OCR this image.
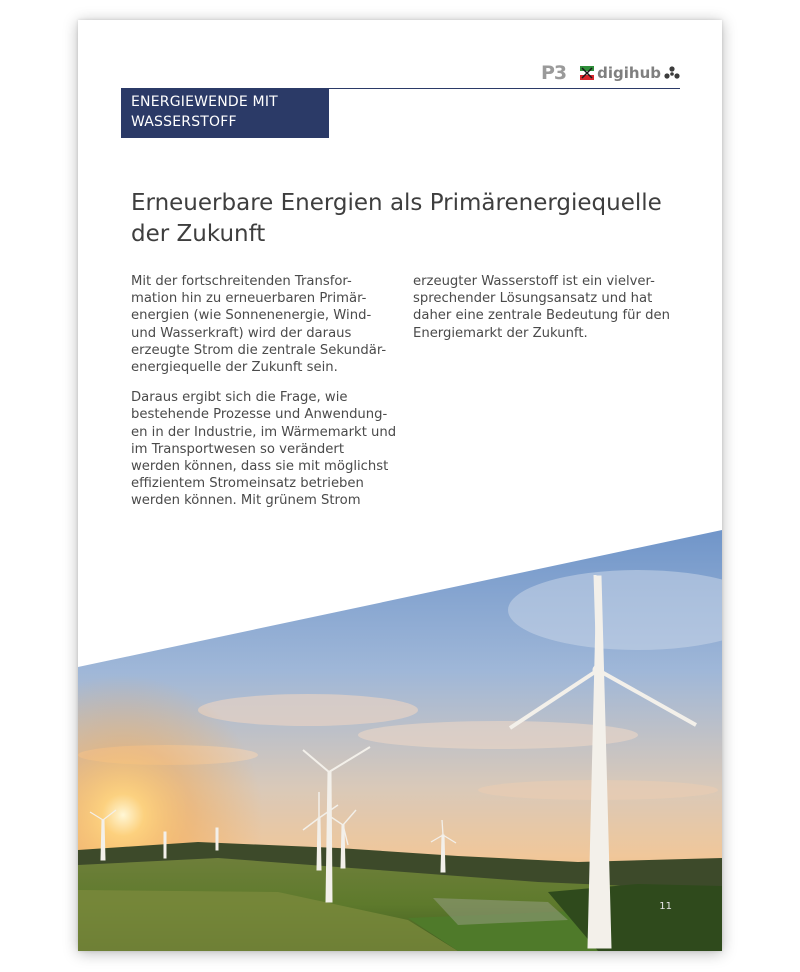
P3 digihub
ENERGIEWENDE MIT
WASSERSTOFF
Erneuerbare Energien als Primärenergiequelle
der Zukunft

Mit der fortschreitenden Transfor-
mation hin zu erneuerbaren Primär-
energien (wie Sonnenenergie, Wind-
und Wasserkraft) wird der daraus
erzeugte Strom die zentrale Sekundär-
energiequelle der Zukunft sein.

Daraus ergibt sich die Frage, wie
bestehende Prozesse und Anwendung-
en in der Industrie, im Wärmemarkt und
im Transportwesen so verändert
werden können, dass sie mit möglichst
effizientem Stromeinsatz betrieben
werden können. Mit grünem Strom

erzeugter Wasserstoff ist ein vielver-
sprechender Lösungsansatz und hat
daher eine zentrale Bedeutung für den
Energiemarkt der Zukunft.

11
